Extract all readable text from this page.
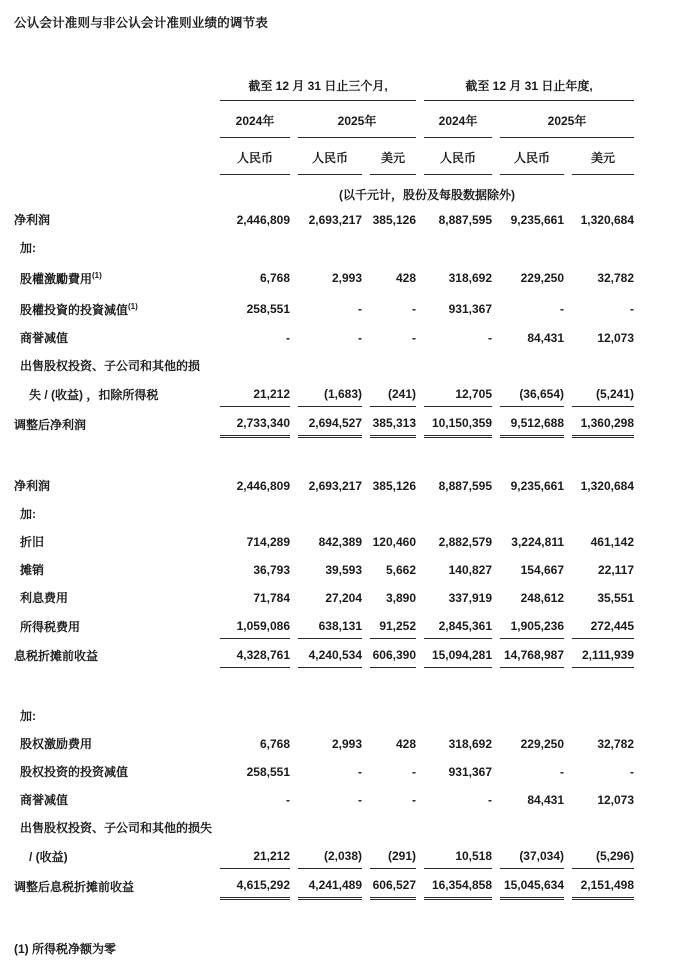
公认会计准则与非公认会计准则业绩的调节表
	截至 12 月 31 日止三个月,			截至 12 月 31 日止年度,		
	2024年	2025年		2024年	2025年	
	人民币	人民币	美元	人民币	人民币	美元
	(以千元计，股份及每股数据除外)					
净利润	2,446,809	2,693,217	385,126	8,887,595	9,235,661	1,320,684
加:						
股權激勵費用$^{(1)}$	6,768	2,993	428	318,692	229,250	32,782
股權投資的投資減值$^{(1)}$	258,551	-	-	931,367	-	-
商誉减值	-	-	-	-	84,431	12,073
出售股权投资、子公司和其他的损						
失 / (收益) ，扣除所得税	21,212	(1,683)	(241)	12,705	(36,654)	(5,241)
调整后净利润	2,733,340	2,694,527	385,313	10,150,359	9,512,688	1,360,298

净利润	2,446,809	2,693,217	385,126	8,887,595	9,235,661	1,320,684
加:						
折旧	714,289	842,389	120,460	2,882,579	3,224,811	461,142
摊销	36,793	39,593	5,662	140,827	154,667	22,117
利息费用	71,784	27,204	3,890	337,919	248,612	35,551
所得税费用	1,059,086	638,131	91,252	2,845,361	1,905,236	272,445
息税折摊前收益	4,328,761	4,240,534	606,390	15,094,281	14,768,987	2,111,939

加:						
股权激励费用	6,768	2,993	428	318,692	229,250	32,782
股权投资的投资减值	258,551	-	-	931,367	-	-
商誉减值	-	-	-	-	84,431	12,073
出售股权投资、子公司和其他的损失						
/ (收益)	21,212	(2,038)	(291)	10,518	(37,034)	(5,296)
调整后息税折摊前收益	4,615,292	4,241,489	606,527	16,354,858	15,045,634	2,151,498
(1) 所得税净额为零
